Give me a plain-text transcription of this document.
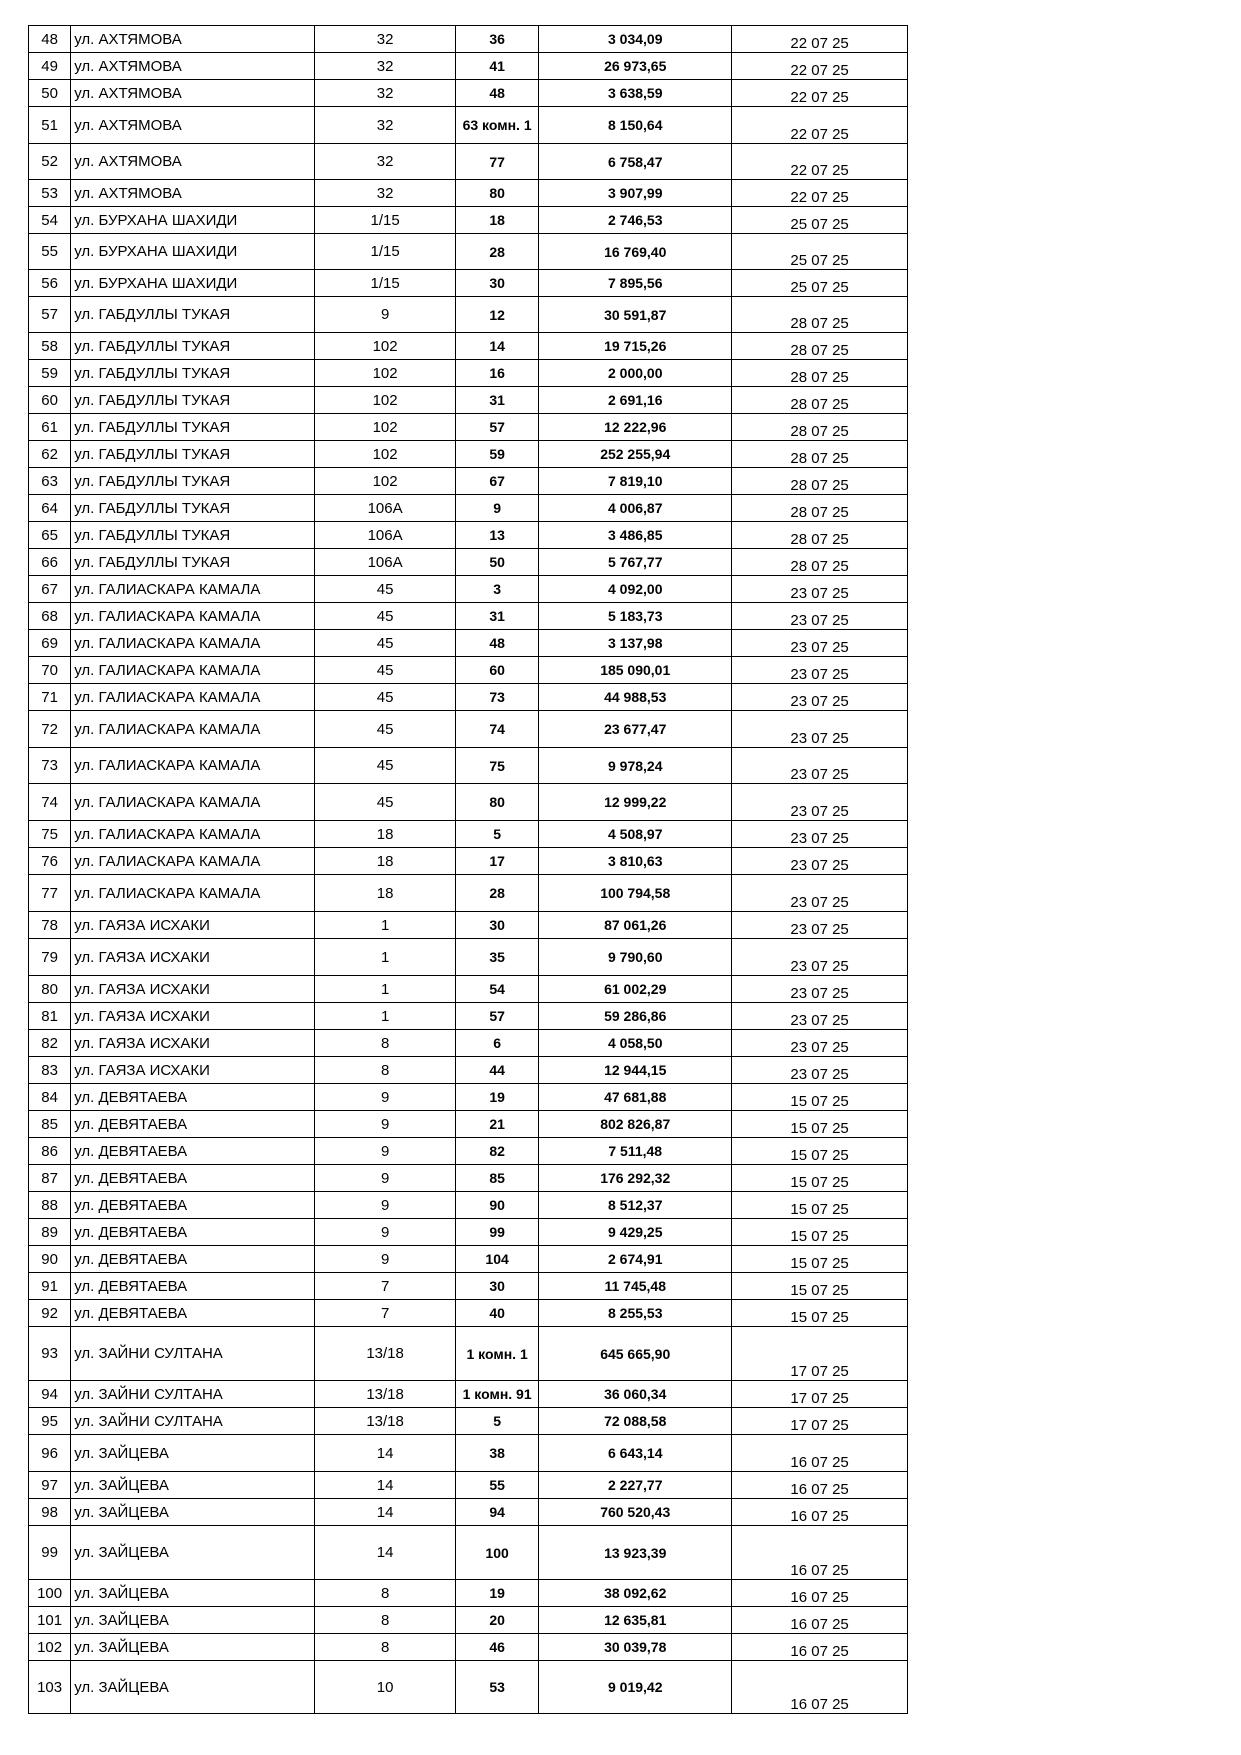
48	ул. АХТЯМОВА	32	36	3 034,09	22 07 25
49	ул. АХТЯМОВА	32	41	26 973,65	22 07 25
50	ул. АХТЯМОВА	32	48	3 638,59	22 07 25
51	ул. АХТЯМОВА	32	63 комн. 1	8 150,64	22 07 25
52	ул. АХТЯМОВА	32	77	6 758,47	22 07 25
53	ул. АХТЯМОВА	32	80	3 907,99	22 07 25
54	ул. БУРХАНА ШАХИДИ	1/15	18	2 746,53	25 07 25
55	ул. БУРХАНА ШАХИДИ	1/15	28	16 769,40	25 07 25
56	ул. БУРХАНА ШАХИДИ	1/15	30	7 895,56	25 07 25
57	ул. ГАБДУЛЛЫ ТУКАЯ	9	12	30 591,87	28 07 25
58	ул. ГАБДУЛЛЫ ТУКАЯ	102	14	19 715,26	28 07 25
59	ул. ГАБДУЛЛЫ ТУКАЯ	102	16	2 000,00	28 07 25
60	ул. ГАБДУЛЛЫ ТУКАЯ	102	31	2 691,16	28 07 25
61	ул. ГАБДУЛЛЫ ТУКАЯ	102	57	12 222,96	28 07 25
62	ул. ГАБДУЛЛЫ ТУКАЯ	102	59	252 255,94	28 07 25
63	ул. ГАБДУЛЛЫ ТУКАЯ	102	67	7 819,10	28 07 25
64	ул. ГАБДУЛЛЫ ТУКАЯ	106А	9	4 006,87	28 07 25
65	ул. ГАБДУЛЛЫ ТУКАЯ	106А	13	3 486,85	28 07 25
66	ул. ГАБДУЛЛЫ ТУКАЯ	106А	50	5 767,77	28 07 25
67	ул. ГАЛИАСКАРА КАМАЛА	45	3	4 092,00	23 07 25
68	ул. ГАЛИАСКАРА КАМАЛА	45	31	5 183,73	23 07 25
69	ул. ГАЛИАСКАРА КАМАЛА	45	48	3 137,98	23 07 25
70	ул. ГАЛИАСКАРА КАМАЛА	45	60	185 090,01	23 07 25
71	ул. ГАЛИАСКАРА КАМАЛА	45	73	44 988,53	23 07 25
72	ул. ГАЛИАСКАРА КАМАЛА	45	74	23 677,47	23 07 25
73	ул. ГАЛИАСКАРА КАМАЛА	45	75	9 978,24	23 07 25
74	ул. ГАЛИАСКАРА КАМАЛА	45	80	12 999,22	23 07 25
75	ул. ГАЛИАСКАРА КАМАЛА	18	5	4 508,97	23 07 25
76	ул. ГАЛИАСКАРА КАМАЛА	18	17	3 810,63	23 07 25
77	ул. ГАЛИАСКАРА КАМАЛА	18	28	100 794,58	23 07 25
78	ул. ГАЯЗА ИСХАКИ	1	30	87 061,26	23 07 25
79	ул. ГАЯЗА ИСХАКИ	1	35	9 790,60	23 07 25
80	ул. ГАЯЗА ИСХАКИ	1	54	61 002,29	23 07 25
81	ул. ГАЯЗА ИСХАКИ	1	57	59 286,86	23 07 25
82	ул. ГАЯЗА ИСХАКИ	8	6	4 058,50	23 07 25
83	ул. ГАЯЗА ИСХАКИ	8	44	12 944,15	23 07 25
84	ул. ДЕВЯТАЕВА	9	19	47 681,88	15 07 25
85	ул. ДЕВЯТАЕВА	9	21	802 826,87	15 07 25
86	ул. ДЕВЯТАЕВА	9	82	7 511,48	15 07 25
87	ул. ДЕВЯТАЕВА	9	85	176 292,32	15 07 25
88	ул. ДЕВЯТАЕВА	9	90	8 512,37	15 07 25
89	ул. ДЕВЯТАЕВА	9	99	9 429,25	15 07 25
90	ул. ДЕВЯТАЕВА	9	104	2 674,91	15 07 25
91	ул. ДЕВЯТАЕВА	7	30	11 745,48	15 07 25
92	ул. ДЕВЯТАЕВА	7	40	8 255,53	15 07 25
93	ул. ЗАЙНИ СУЛТАНА	13/18	1 комн. 1	645 665,90	17 07 25
94	ул. ЗАЙНИ СУЛТАНА	13/18	1 комн. 91	36 060,34	17 07 25
95	ул. ЗАЙНИ СУЛТАНА	13/18	5	72 088,58	17 07 25
96	ул. ЗАЙЦЕВА	14	38	6 643,14	16 07 25
97	ул. ЗАЙЦЕВА	14	55	2 227,77	16 07 25
98	ул. ЗАЙЦЕВА	14	94	760 520,43	16 07 25
99	ул. ЗАЙЦЕВА	14	100	13 923,39	16 07 25
100	ул. ЗАЙЦЕВА	8	19	38 092,62	16 07 25
101	ул. ЗАЙЦЕВА	8	20	12 635,81	16 07 25
102	ул. ЗАЙЦЕВА	8	46	30 039,78	16 07 25
103	ул. ЗАЙЦЕВА	10	53	9 019,42	16 07 25
